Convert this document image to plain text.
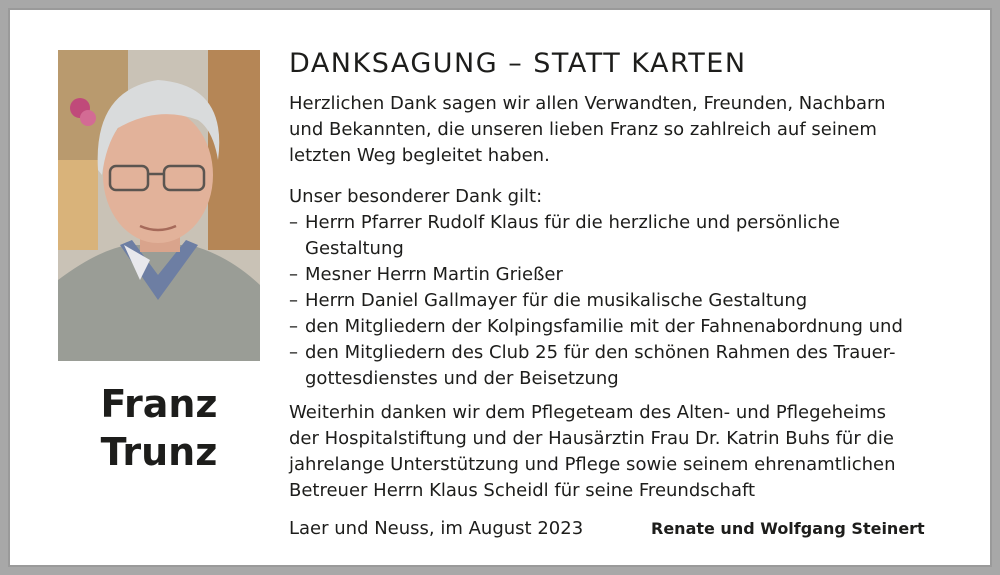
Franz
Trunz
DANKSAGUNG – STATT KARTEN
Herzlichen Dank sagen wir allen Verwandten, Freunden, Nachbarn
und Bekannten, die unseren lieben Franz so zahlreich auf seinem
letzten Weg begleitet haben.
Unser besonderer Dank gilt:
– Herrn Pfarrer Rudolf Klaus für die herzliche und persönliche
Gestaltung
– Mesner Herrn Martin Grießer
– Herrn Daniel Gallmayer für die musikalische Gestaltung
– den Mitgliedern der Kolpingsfamilie mit der Fahnenabordnung und
– den Mitgliedern des Club 25 für den schönen Rahmen des Trauer-
gottesdienstes und der Beisetzung
Weiterhin danken wir dem Pflegeteam des Alten- und Pflegeheims
der Hospitalstiftung und der Hausärztin Frau Dr. Katrin Buhs für die
jahrelange Unterstützung und Pflege sowie seinem ehrenamtlichen
Betreuer Herrn Klaus Scheidl für seine Freundschaft
Laer und Neuss, im August 2023	Renate und Wolfgang Steinert
